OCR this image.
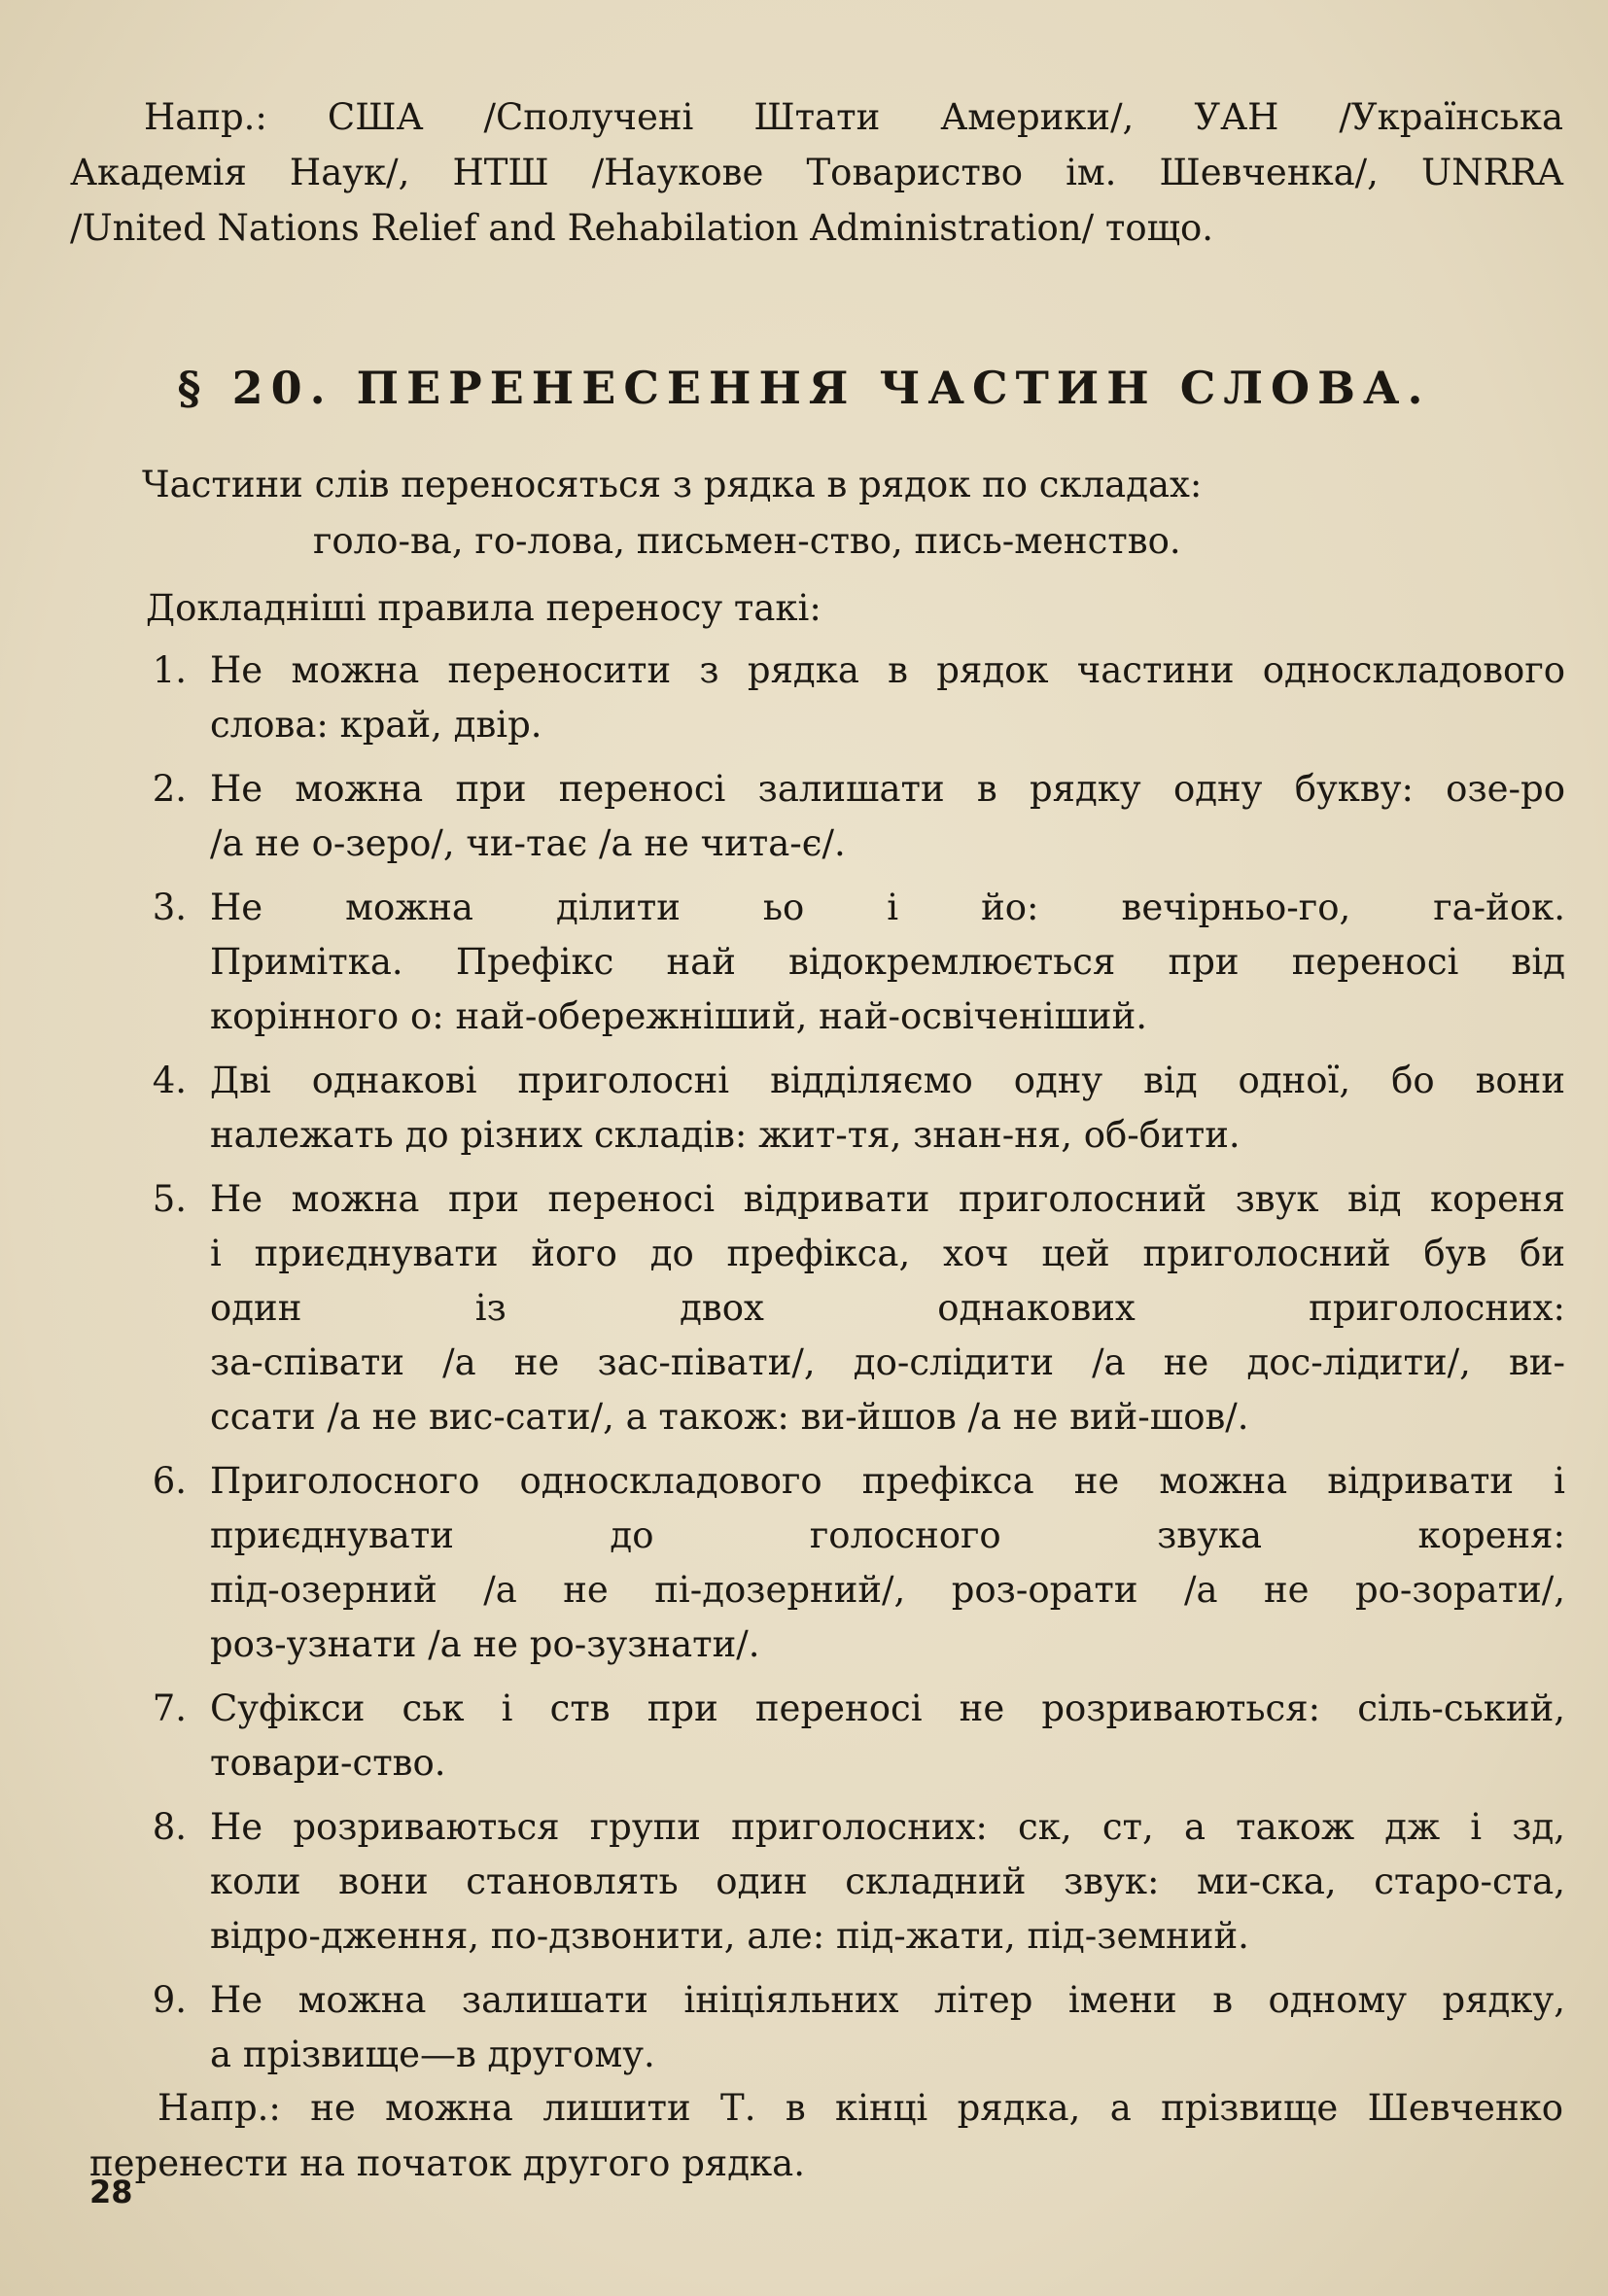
Напр.: США /Сполучені Штати Америки/, УАН /Українська

Академія Наук/, НТШ /Наукове Товариство ім. Шевченка/, UNRRA

/United Nations Relief and Rehabilation Administration/ тощо.

§ 20. ПЕРЕНЕСЕННЯ ЧАСТИН СЛОВА.

Частини слів переносяться з рядка в рядок по складах:

голо-ва, го-лова, письмен-ство, пись-менство.
Докладніші правила переносу такі:
1. Не можна переносити з рядка в рядок частини односкладового

слова: край, двір.

2. Не можна при переносі залишати в рядку одну букву: озе-ро

/а не о-зеро/, чи-тає /а не чита-є/.

3. Не можна ділити ьо і йо: вечірньо-го, га-йок.

Примітка. Префікс най відокремлюється при переносі від

корінного о: най-обережніший, най-освіченіший.

4. Дві однакові приголосні відділяємо одну від одної, бо вони

належать до різних складів: жит-тя, знан-ня, об-бити.

5. Не можна при переносі відривати приголосний звук від кореня

і приєднувати його до префікса, хоч цей приголосний був би

один із двох однакових приголосних:

за-співати /а не зас-півати/, до-слідити /а не дос-лідити/, ви-

ссати /а не вис-сати/, а також: ви-йшов /а не вий-шов/.

6. Приголосного односкладового префікса не можна відривати і

приєднувати до голосного звука кореня:

під-озерний /а не пі-дозерний/, роз-орати /а не ро-зорати/,

роз-узнати /а не ро-зузнати/.

7. Суфікси ськ і ств при переносі не розриваються: сіль-ський,

товари-ство.

8. Не розриваються групи приголосних: ск, ст, а також дж і зд,

коли вони становлять один складний звук: ми-ска, старо-ста,

відро-дження, по-дзвонити, але: під-жати, під-земний.

9. Не можна залишати ініціяльних літер імени в одному рядку,

а прізвище—в другому.

Напр.: не можна лишити Т. в кінці рядка, а прізвище Шевченко

перенести на початок другого рядка.

28
